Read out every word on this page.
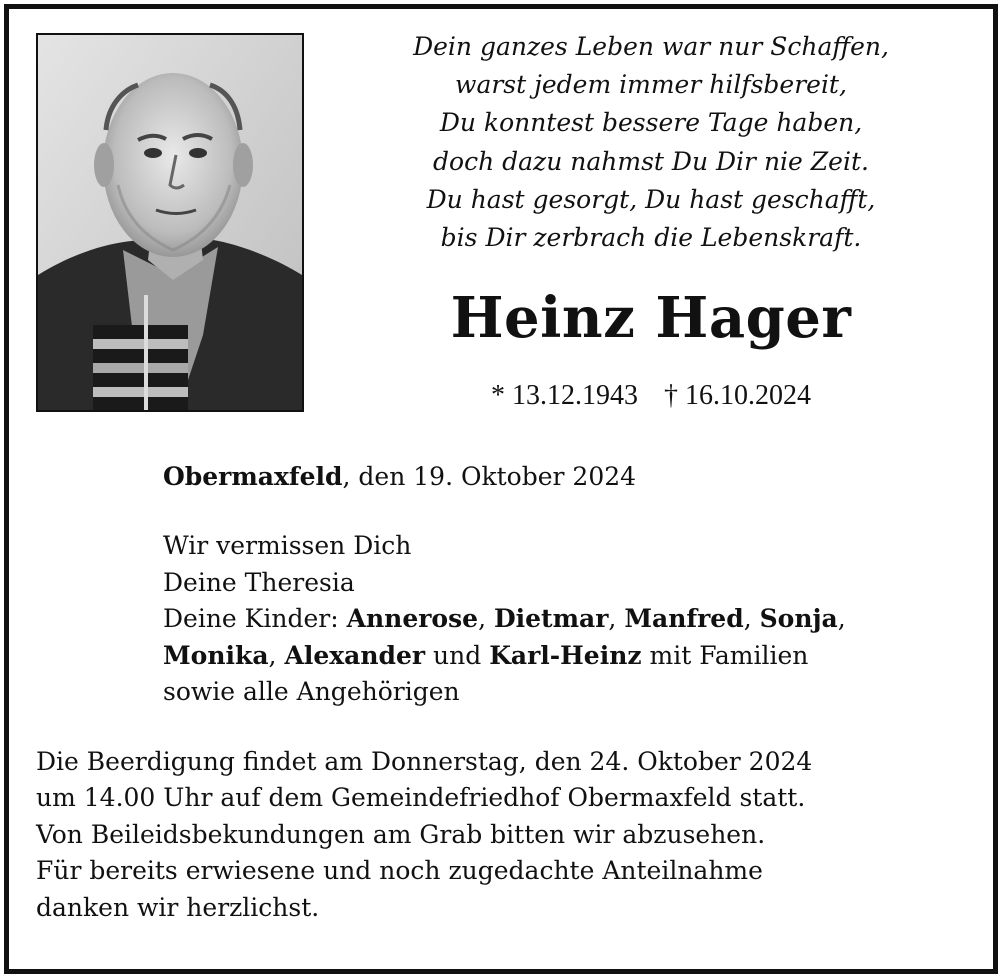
Dein ganzes Leben war nur Schaffen,
warst jedem immer hilfsbereit,
Du konntest bessere Tage haben,
doch dazu nahmst Du Dir nie Zeit.
Du hast gesorgt, Du hast geschafft,
bis Dir zerbrach die Lebenskraft.
Heinz Hager
* 13.12.1943 † 16.10.2024
Obermaxfeld, den 19. Oktober 2024
Wir vermissen Dich
Deine Theresia
Deine Kinder: Annerose, Dietmar, Manfred, Sonja,
Monika, Alexander und Karl-Heinz mit Familien
sowie alle Angehörigen
Die Beerdigung findet am Donnerstag, den 24. Oktober 2024
um 14.00 Uhr auf dem Gemeindefriedhof Obermaxfeld statt.
Von Beileidsbekundungen am Grab bitten wir abzusehen.
Für bereits erwiesene und noch zugedachte Anteilnahme
danken wir herzlichst.
